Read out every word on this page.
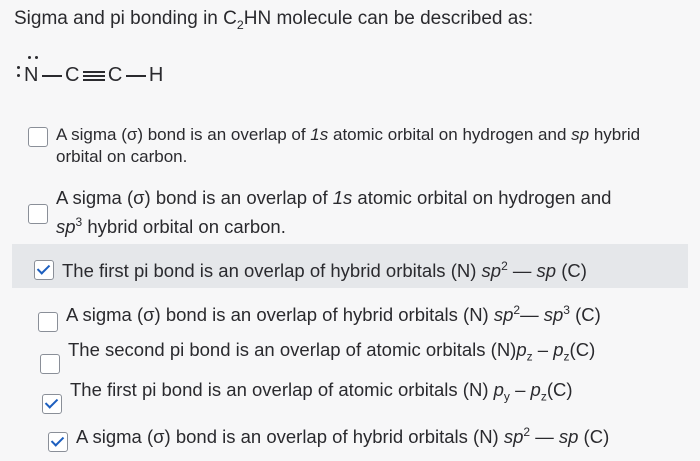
Sigma and pi bonding in $C_2HN$ molecule can be described as:
N C C H
A sigma (σ) bond is an overlap of 1s atomic orbital on hydrogen and sp hybrid
orbital on carbon.
A sigma (σ) bond is an overlap of 1s atomic orbital on hydrogen and
$sp^3$ hybrid orbital on carbon.
The first pi bond is an overlap of hybrid orbitals (N) $sp^2$ — sp (C)
A sigma (σ) bond is an overlap of hybrid orbitals (N) $sp^2—$ $sp^3$ (C)
The second pi bond is an overlap of atomic orbitals $(N)p_z - p_z(C)$
The first pi bond is an overlap of atomic orbitals (N) $p_y - p_z(C)$
A sigma (σ) bond is an overlap of hybrid orbitals (N) $sp^2$ — sp (C)
